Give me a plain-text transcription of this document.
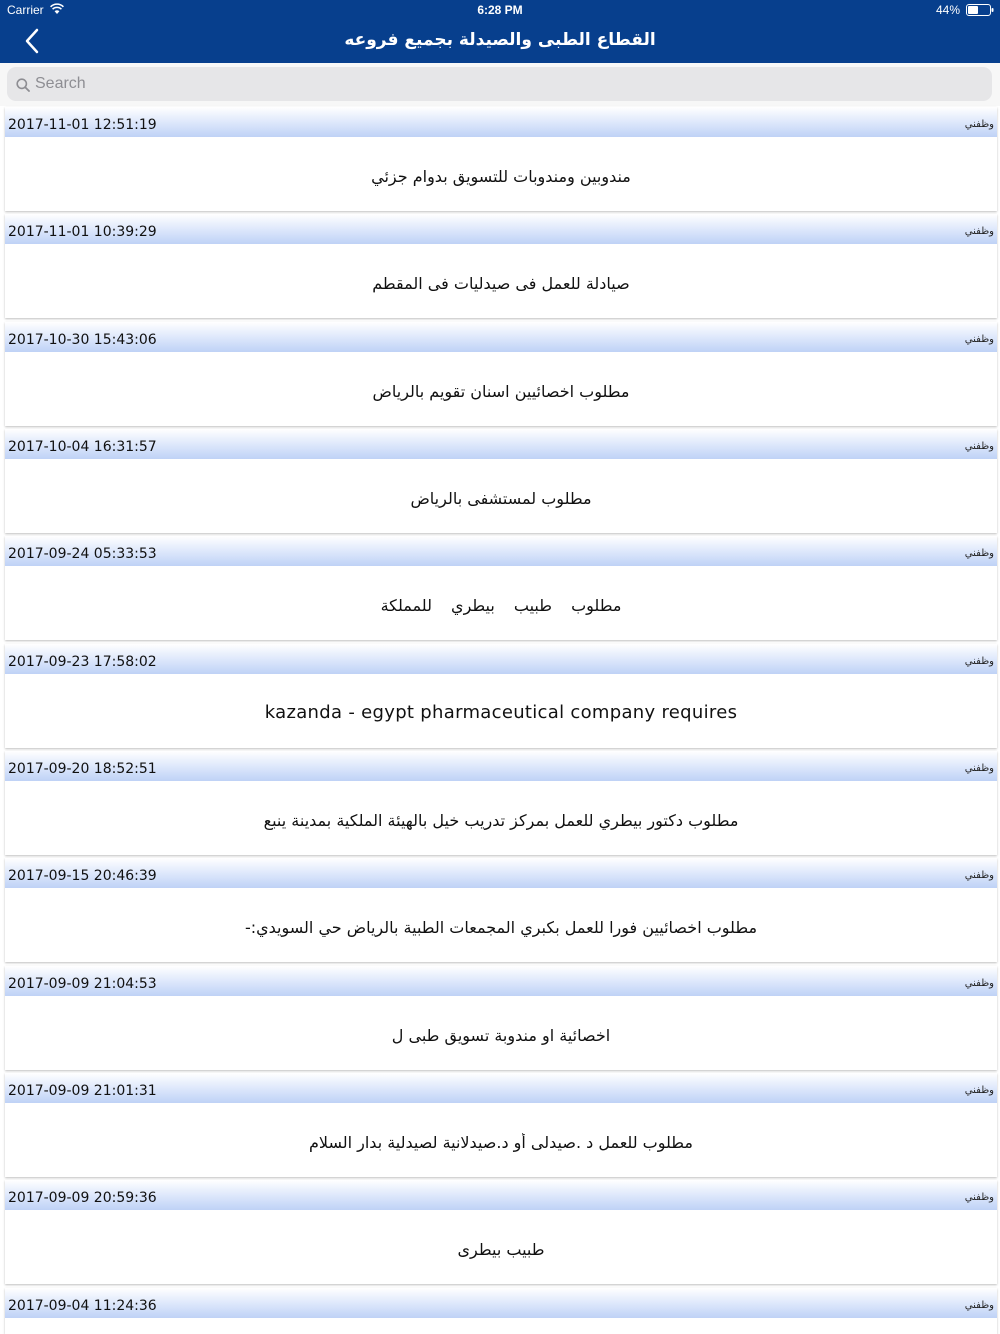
Carrier	6:28 PM	44%
القطاع الطبى والصيدلة بجميع فروعه
Search
2017-11-01 12:51:19	وظفني
مندوبين ومندوبات للتسويق بدوام جزئي
2017-11-01 10:39:29	وظفني
صيادلة للعمل فى صيدليات فى المقطم
2017-10-30 15:43:06	وظفني
مطلوب اخصائيين اسنان تقويم بالرياض
2017-10-04 16:31:57	وظفني
مطلوب لمستشفى بالرياض
2017-09-24 05:33:53	وظفني
مطلوب طبيب بيطري للمملكة
2017-09-23 17:58:02	وظفني
kazanda - egypt pharmaceutical company requires
2017-09-20 18:52:51	وظفني
مطلوب دكتور بيطري للعمل بمركز تدريب خيل بالهيئة الملكية بمدينة ينبع
2017-09-15 20:46:39	وظفني
مطلوب اخصائيين فورا للعمل بكبري المجمعات الطبية بالرياض حي السويدي:-
2017-09-09 21:04:53	وظفني
اخصائية او مندوبة تسويق طبى ل
2017-09-09 21:01:31	وظفني
مطلوب للعمل د .صيدلى أو د.صيدلانية لصيدلية بدار السلام
2017-09-09 20:59:36	وظفني
طبيب بيطرى
2017-09-04 11:24:36	وظفني
